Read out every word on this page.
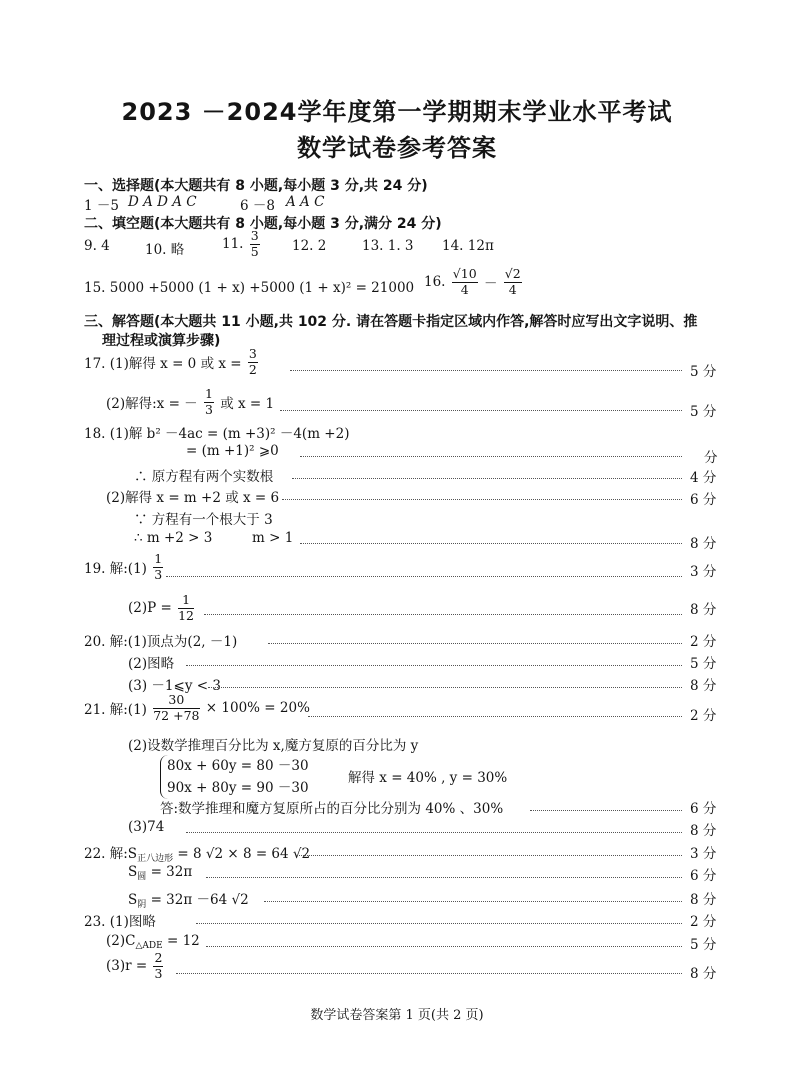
2023 －2024学年度第一学期期末学业水平考试
数学试卷参考答案
一、选择题(本大题共有 8 小题,每小题 3 分,共 24 分)
1 －5 D A D A C	6 －8 A A C
二、填空题(本大题共有 8 小题,每小题 3 分,满分 24 分)
9. 4	10. 略	11. $\frac{3}{5} 12$. 2	13. 1. 3 14. 12π
15. 5000 +5000 (1 + x) +5000 (1 + x)² = 21000 16. $\frac{√10}{4} - \frac{√2}{4}$
三、解答题(本大题共 11 小题,共 102 分. 请在答题卡指定区域内作答,解答时应写出文字说明、推
理过程或演算步骤)
17. (1)解得 x = 0 或 $x = \frac{3}{2}$	5 分
(2)解得:x = － $\frac{1}{3}$ 或 x = 1	5 分
18. (1)解 b² －4ac = (m +3)² －4(m +2)
= (m +1)² ⩾0	分
∴ 原方程有两个实数根	4 分
(2)解得 x = m +2 或 x = 6	6 分
∵ 方程有一个根大于 3
∴ m +2 > 3	m > 1	8 分
19. 解:(1) $\frac{1}{3}$	3 分
$(2)P = \frac{1}{12}$	8 分
20. 解:(1)顶点为(2, －1)	2 分
(2)图略	5 分
(3) －1⩽y < 3	8 分
21. 解:(1) $\frac{30}{72 +78} \times 100\% = 20\%$	2 分
(2)设数学推理百分比为 x,魔方复原的百分比为 y
80x + 60y = 80 －30
90x + 80y = 90 －30
解得 x = 40% , y = 30%
答:数学推理和魔方复原所占的百分比分别为 40% 、30%	6 分
(3)74	8 分
22. 解$:S_{正八边形} = 8$ √2 × 8 = 64 √2	3 分
$S_圆 = 32\pi$	6 分
$S_阴 = 32\pi -64$ √2	8 分
23. (1)图略	2 分
$(2)C_{\triangle ADE} = 12$	5 分
$(3)r = \frac{2}{3}$	8 分
数学试卷答案第 1 页(共 2 页)
